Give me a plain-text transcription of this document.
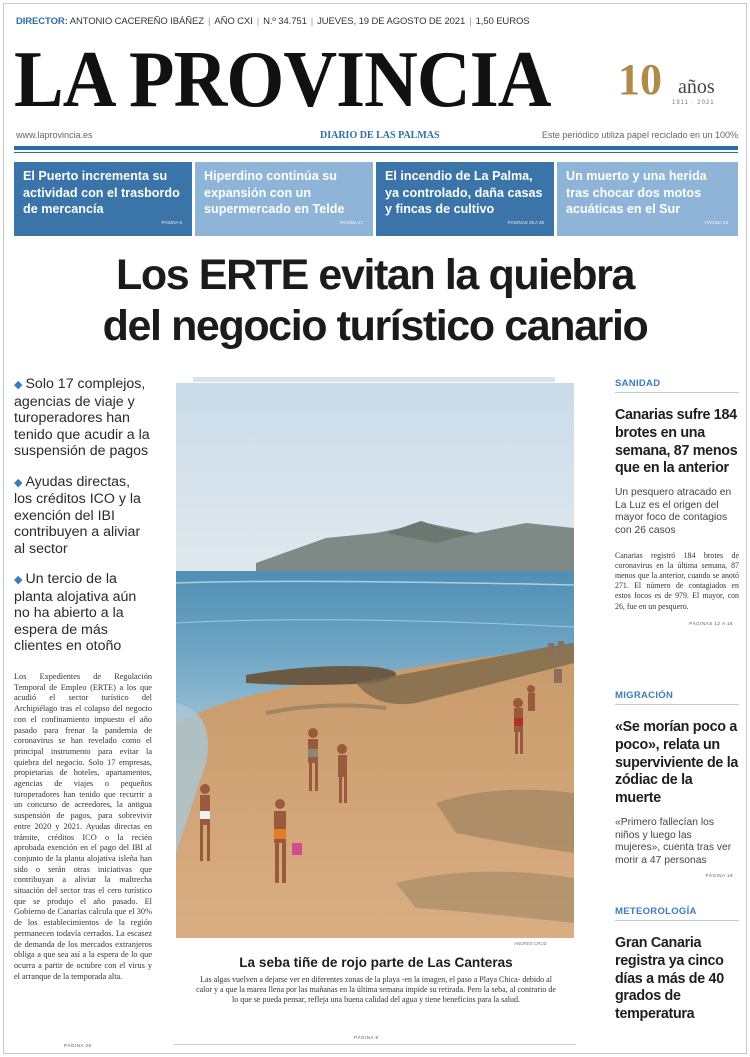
DIRECTOR: ANTONIO CACEREÑO IBÁÑEZ | AÑO CXI | N.º 34.751 | JUEVES, 19 DE AGOSTO DE 2021 | 1,50 EUROS
LA PROVINCIA 10 años
1911 · 2021
www.laprovincia.es	DIARIO DE LAS PALMAS	Este periódico utiliza papel reciclado en un 100%
El Puerto incrementa su actividad con el trasbordo de mercancía
PÁGINA 6
Hiperdino continúa su expansión con un supermercado en Telde
PÁGINA 27
El incendio de La Palma, ya controlado, daña casas y fincas de cultivo
PÁGINAS 28 A 30
Un muerto y una herida tras chocar dos motos acuáticas en el Sur
PÁGINA 34
Los ERTE evitan la quiebra
del negocio turístico canario
◆ Solo 17 complejos, agencias de viaje y turoperadores han tenido que acudir a la suspensión de pagos
◆ Ayudas directas, los créditos ICO y la exención del IBI contribuyen a aliviar al sector
◆ Un tercio de la planta alojativa aún no ha abierto a la espera de más clientes en otoño
Los Expedientes de Regulación Temporal de Empleo (ERTE) a los que acudió el sector turístico del Archipiélago tras el colapso del negocio con el confinamiento impuesto el año pasado para frenar la pandemia de coronavirus se han revelado como el principal instrumento para evitar la quiebra del negocio. Solo 17 empresas, propietarias de hoteles, apartamentos, agencias de viajes o pequeños turoperadores han tenido que recurrir a un concurso de acreedores, la antigua suspensión de pagos, para sobrevivir entre 2020 y 2021. Ayudas directas en trámite, créditos ICO o la recién aprobada exención en el pago del IBI al conjunto de la planta alojativa isleña han sido o serán otras iniciativas que contribuyan a aliviar la maltrecha situación del sector tras el cero turístico que se produjo el año pasado. El Gobierno de Canarias calcula que el 30% de los establecimientos de la región permanecen todavía cerrados. La escasez de demanda de los mercados extranjeros obliga a que sea así a la espera de lo que ocurra a partir de octubre con el virus y el arranque de la temporada alta.
PÁGINA 26
ANDRÉS CRUZ
La seba tiñe de rojo parte de Las Canteras
Las algas vuelven a dejarse ver en diferentes zonas de la playa -en la imagen, el paso a Playa Chica- debido al calor y a que la marea llena por las mañanas en la última semana impide su retirada. Pero la seba, al contrario de lo que se pueda pensar, refleja una buena calidad del agua y tiene beneficios para la salud.
PÁGINA 8
SANIDAD
Canarias sufre 184 brotes en una semana, 87 menos que en la anterior
Un pesquero atracado en La Luz es el origen del mayor foco de contagios con 26 casos
Canarias registró 184 brotes de coronavirus en la última semana, 87 menos que la anterior, cuando se anotó 271. El número de contagiados en estos focos es de 979. El mayor, con 26, fue en un pesquero.
PÁGINAS 12 A 15
MIGRACIÓN
«Se morían poco a poco», relata un superviviente de la zódiac de la muerte
«Primero fallecían los niños y luego las mujeres», cuenta tras ver morir a 47 personas
PÁGINA 19
METEOROLOGÍA
Gran Canaria registra ya cinco días a más de 40 grados de temperatura
